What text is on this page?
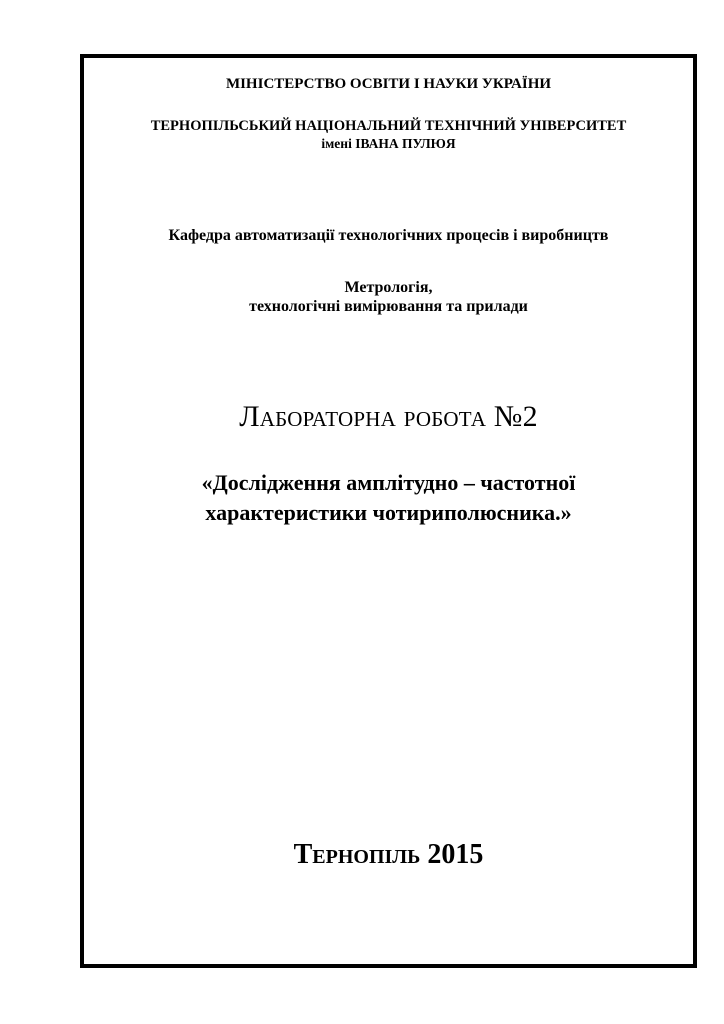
МІНІСТЕРСТВО ОСВІТИ І НАУКИ УКРАЇНИ
ТЕРНОПІЛЬСЬКИЙ НАЦІОНАЛЬНИЙ ТЕХНІЧНИЙ УНІВЕРСИТЕТ
імені ІВАНА ПУЛЮЯ
Кафедра автоматизації технологічних процесів і виробництв
Метрологія,
технологічні вимірювання та прилади
Лабораторна робота №2
«Дослідження амплітудно – частотної
характеристики чотириполюсника.»
Тернопіль 2015
